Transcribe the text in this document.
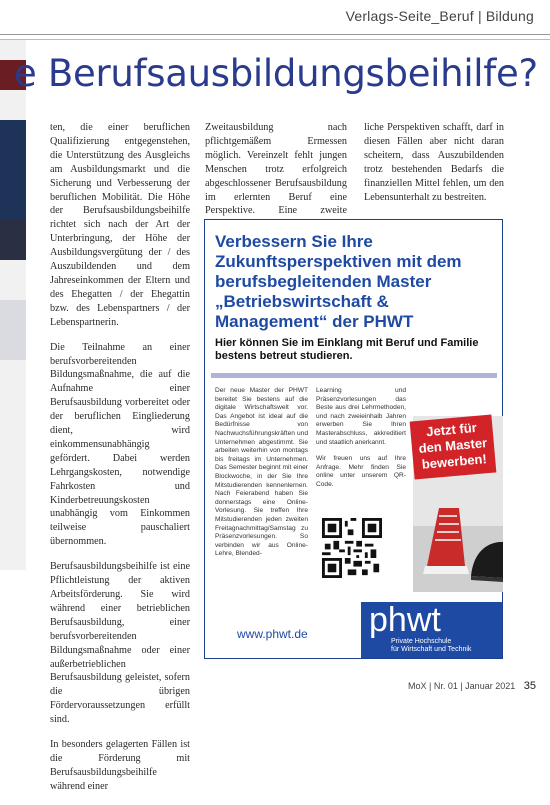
Verlags-Seite_Beruf | Bildung
e Berufsausbildungsbeihilfe?

ten, die einer beruflichen Qualifizierung entgegenstehen, die Unterstützung des Ausgleichs am Ausbildungsmarkt und die Sicherung und Verbesserung der beruflichen Mobilität. Die Höhe der Berufsausbildungsbeihilfe richtet sich nach der Art der Unterbringung, der Höhe der Ausbildungsvergütung der / des Auszubildenden und dem Jahreseinkommen der Eltern und des Ehegatten / der Ehegattin bzw. des Lebenspartners / der Lebenspartnerin.

Die Teilnahme an einer berufsvorbereitenden Bildungsmaßnahme, die auf die Aufnahme einer Berufsausbildung vorbereitet oder der beruflichen Eingliederung dient, wird einkommensunabhängig gefördert. Dabei werden Lehrgangskosten, notwendige Fahrkosten und Kinderbetreuungskosten unabhängig vom Einkommen teilweise pauschaliert übernommen.

Berufsausbildungsbeihilfe ist eine Pflichtleistung der aktiven Arbeitsförderung. Sie wird während einer betrieblichen Berufsausbildung, einer berufsvorbereitenden Bildungsmaßnahme oder einer außerbetrieblichen Berufsausbildung geleistet, sofern die übrigen Fördervoraussetzungen erfüllt sind.

In besonders gelagerten Fällen ist die Förderung mit Berufsausbildungsbeihilfe während einer

Zweitausbildung nach pflichtgemäßem Ermessen möglich. Vereinzelt fehlt jungen Menschen trotz erfolgreich abgeschlossener Berufsausbildung im erlernten Beruf eine Perspektive. Eine zweite

liche Perspektiven schafft, darf in diesen Fällen aber nicht daran scheitern, dass Auszubildenden trotz bestehenden Bedarfs die finanziellen Mittel fehlen, um den Lebensunterhalt zu bestreiten.

Verbessern Sie Ihre Zukunftsperspektiven mit dem berufsbegleitenden Master „Betriebswirtschaft & Management“ der PHWT
Hier können Sie im Einklang mit Beruf und Familie bestens betreut studieren.
Der neue Master der PHWT bereitet Sie bestens auf die digitale Wirtschaftswelt vor. Das Angebot ist ideal auf die Bedürfnisse von Nachwuchsführungskräften und Unternehmen abgestimmt. Sie arbeiten weiterhin von montags bis freitags im Unternehmen. Das Semester beginnt mit einer Blockwoche, in der Sie Ihre Mitstudierenden kennenlernen. Nach Feierabend haben Sie donnerstags eine Online-Vorlesung. Sie treffen Ihre Mitstudierenden jeden zweiten Freitagnachmittag/Samstag zu Präsenzvorlesungen. So verbinden wir aus Online-Lehre, Blended-

Learning und Präsenzvorlesungen das Beste aus drei Lehrmethoden, und nach zweieinhalb Jahren erwerben Sie Ihren Masterabschluss, akkreditiert und staatlich anerkannt.

Wir freuen uns auf Ihre Anfrage. Mehr finden Sie online unter unserem QR-Code.

Jetzt für
den Master
bewerben!
www.phwt.de phwt
Private Hochschule
für Wirtschaft und Technik
MoX | Nr. 01 | Januar 2021 35
